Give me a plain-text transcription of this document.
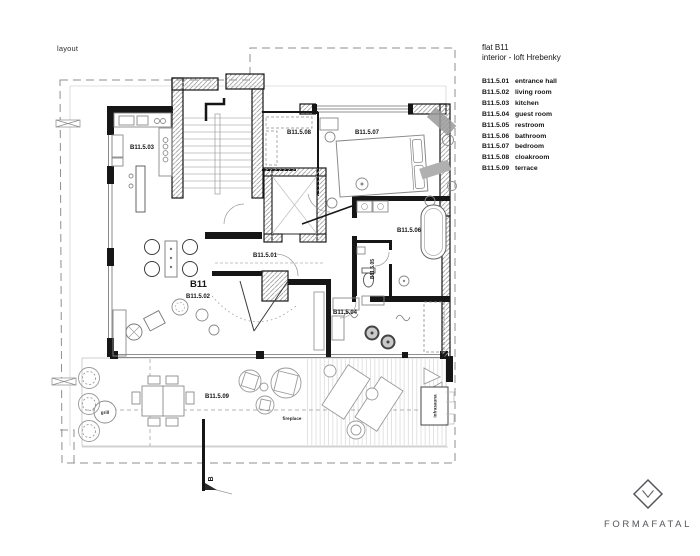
layout
B11.5.03
B11.5.08	B11.5.07
B11.5.01
B11
B11.5.02
B11.5.06
B11.5.05
B11.5.04
B11.5.09
grill
fireplace
infrasauna
B
flat B11
interior - loft Hrebenky
B11.5.01 entrance hall
B11.5.02 living room
B11.5.03 kitchen
B11.5.04 guest room
B11.5.05 restroom
B11.5.06 bathroom
B11.5.07 bedroom
B11.5.08 cloakroom
B11.5.09 terrace
FORMAFATAL
